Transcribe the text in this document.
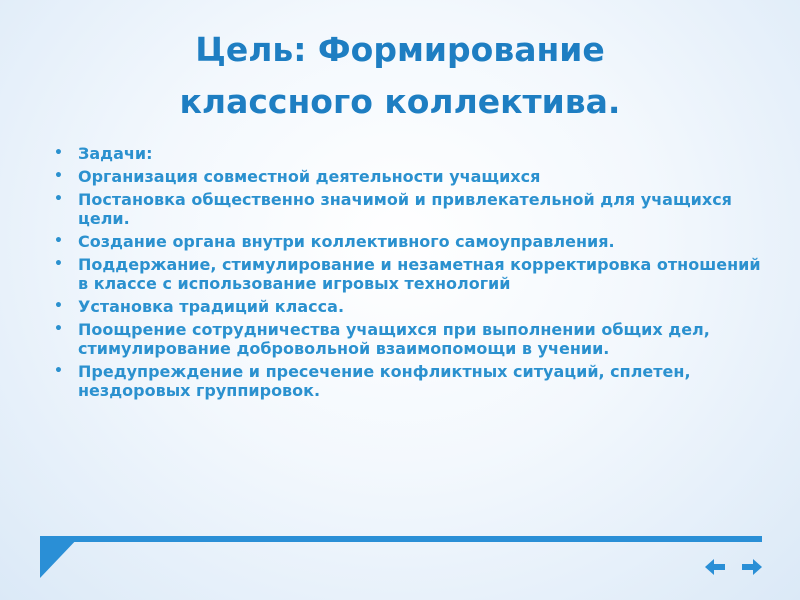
Цель: Формирование
классного коллектива.
• Задачи:
• Организация совместной деятельности учащихся
• Постановка общественно значимой и привлекательной для учащихся цели.
• Создание органа внутри коллективного самоуправления.
• Поддержание, стимулирование и незаметная корректировка отношений в классе с использование игровых технологий
• Установка традиций класса.
• Поощрение сотрудничества учащихся при выполнении общих дел, стимулирование добровольной взаимопомощи в учении.
• Предупреждение и пресечение конфликтных ситуаций, сплетен, нездоровых группировок.
